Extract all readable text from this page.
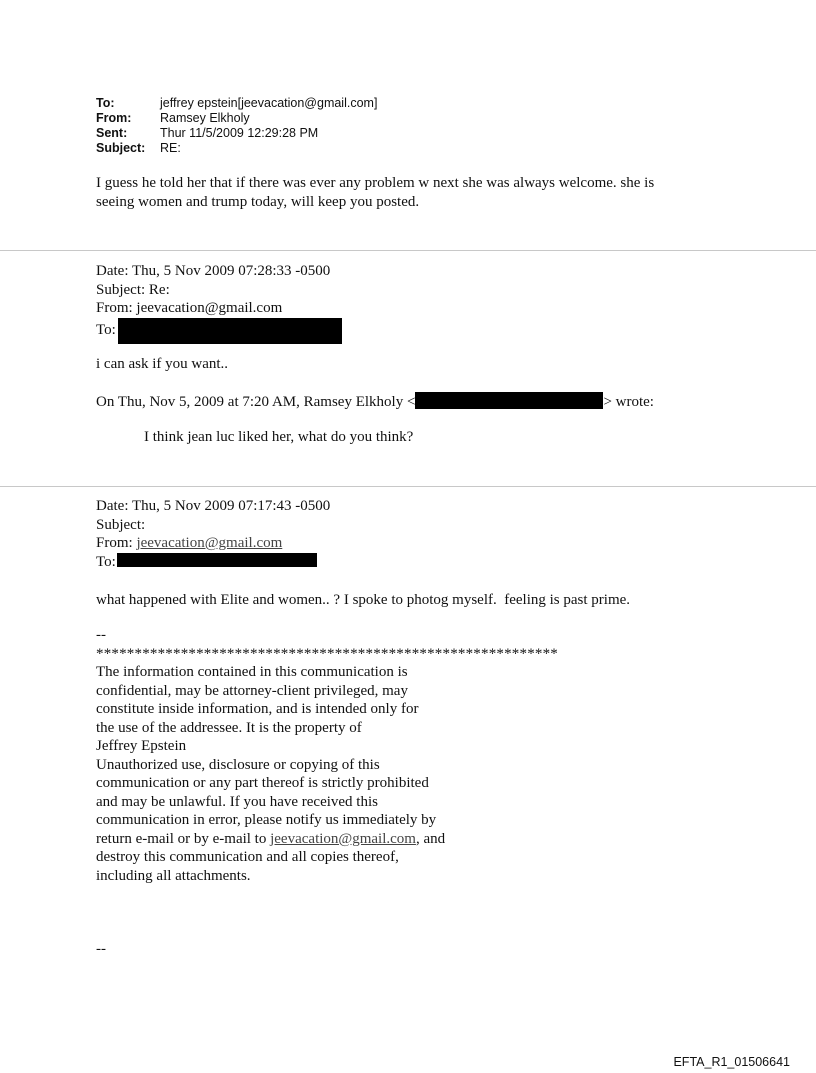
To:	jeffrey epstein[jeevacation@gmail.com]
From:	Ramsey Elkholy
Sent:	Thur 11/5/2009 12:29:28 PM
Subject:	RE:
I guess he told her that if there was ever any problem w next she was always welcome. she is
seeing women and trump today, will keep you posted.
Date: Thu, 5 Nov 2009 07:28:33 -0500
Subject: Re:
From: jeevacation@gmail.com
To:
i can ask if you want..
On Thu, Nov 5, 2009 at 7:20 AM, Ramsey Elkholy <	> wrote:
I think jean luc liked her, what do you think?
Date: Thu, 5 Nov 2009 07:17:43 -0500
Subject:
From: jeevacation@gmail.com
To:
what happened with Elite and women.. ? I spoke to photog myself.  feeling is past prime.
--
************************************************************
The information contained in this communication is
confidential, may be attorney-client privileged, may
constitute inside information, and is intended only for
the use of the addressee. It is the property of
Jeffrey Epstein
Unauthorized use, disclosure or copying of this
communication or any part thereof is strictly prohibited
and may be unlawful. If you have received this
communication in error, please notify us immediately by
return e-mail or by e-mail to jeevacation@gmail.com, and
destroy this communication and all copies thereof,
including all attachments.
--
EFTA_R1_01506641
